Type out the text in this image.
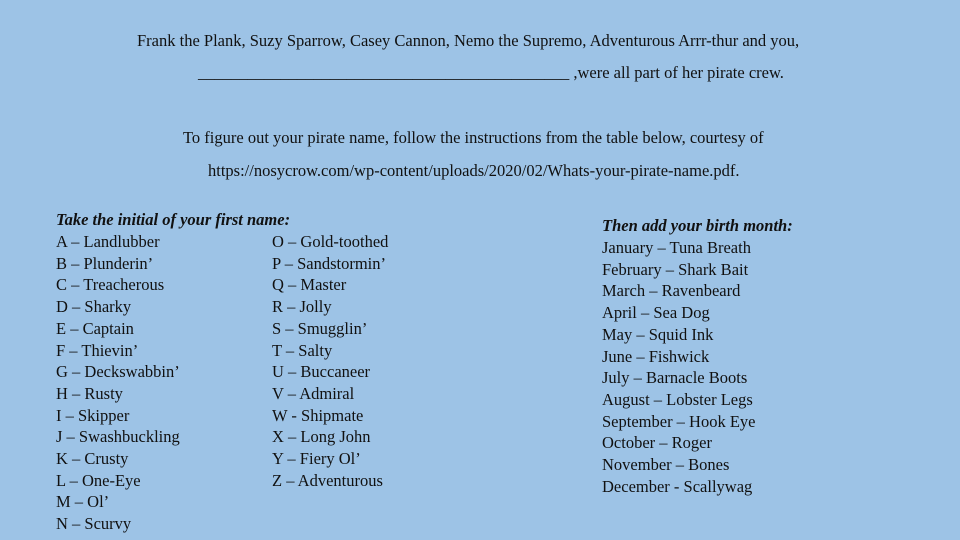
Frank the Plank, Suzy Sparrow, Casey Cannon, Nemo the Supremo, Adventurous Arrr-thur and you,
_____________________________________________ ,were all part of her pirate crew.
To figure out your pirate name, follow the instructions from the table below, courtesy of
https://nosycrow.com/wp-content/uploads/2020/02/Whats-your-pirate-name.pdf.
Take the initial of your first name:
A – Landlubber
B – Plunderin’
C – Treacherous
D – Sharky
E – Captain
F – Thievin’
G – Deckswabbin’
H – Rusty
I – Skipper
J – Swashbuckling
K – Crusty
L – One-Eye
M – Ol’
N – Scurvy
O – Gold-toothed
P – Sandstormin’
Q – Master
R – Jolly
S – Smugglin’
T – Salty
U – Buccaneer
V – Admiral
W - Shipmate
X – Long John
Y – Fiery Ol’
Z – Adventurous
Then add your birth month:
January – Tuna Breath
February – Shark Bait
March – Ravenbeard
April – Sea Dog
May – Squid Ink
June – Fishwick
July – Barnacle Boots
August – Lobster Legs
September – Hook Eye
October – Roger
November – Bones
December - Scallywag
